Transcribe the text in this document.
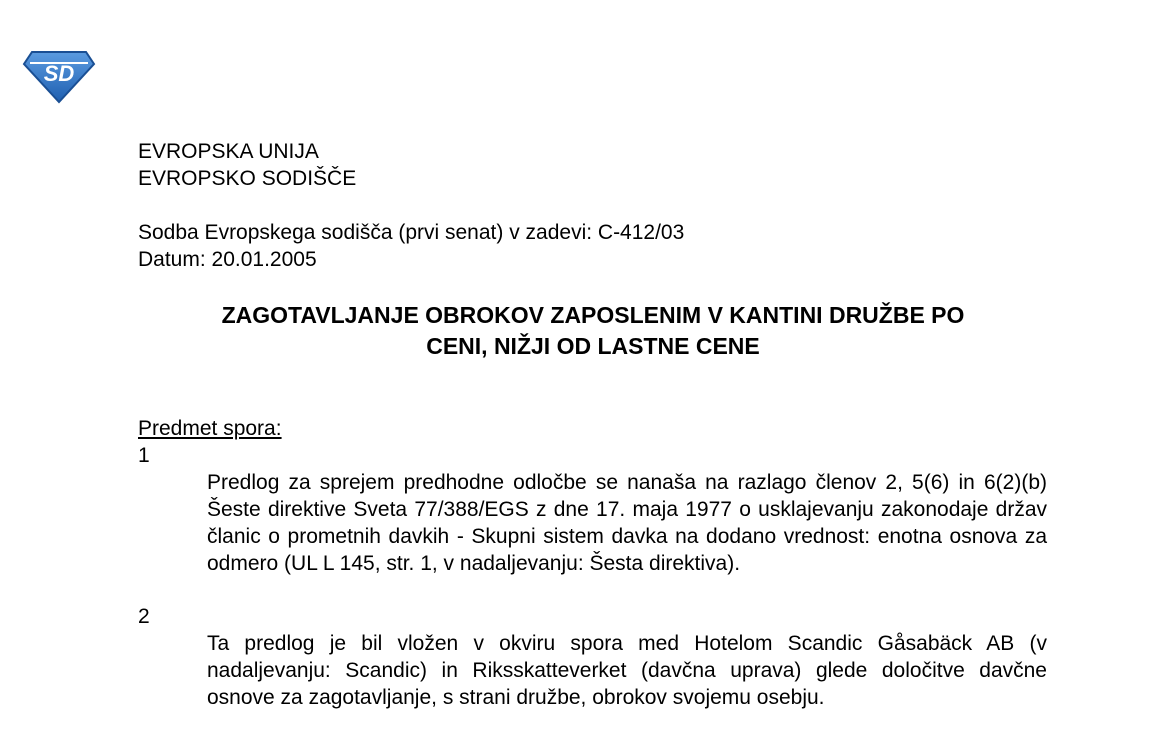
SD
EVROPSKA UNIJA
EVROPSKO SODIŠČE
Sodba Evropskega sodišča (prvi senat) v zadevi: C-412/03
Datum: 20.01.2005
ZAGOTAVLJANJE OBROKOV ZAPOSLENIM V KANTINI DRUŽBE PO
CENI, NIŽJI OD LASTNE CENE
Predmet spora:
1
Predlog za sprejem predhodne odločbe se nanaša na razlago členov 2, 5(6) in 6(2)(b) Šeste direktive Sveta 77/388/EGS z dne 17. maja 1977 o usklajevanju zakonodaje držav članic o prometnih davkih - Skupni sistem davka na dodano vrednost: enotna osnova za odmero (UL L 145, str. 1, v nadaljevanju: Šesta direktiva).
2
Ta predlog je bil vložen v okviru spora med Hotelom Scandic Gåsabäck AB (v nadaljevanju: Scandic) in Riksskatteverket (davčna uprava) glede določitve davčne osnove za zagotavljanje, s strani družbe, obrokov svojemu osebju.
